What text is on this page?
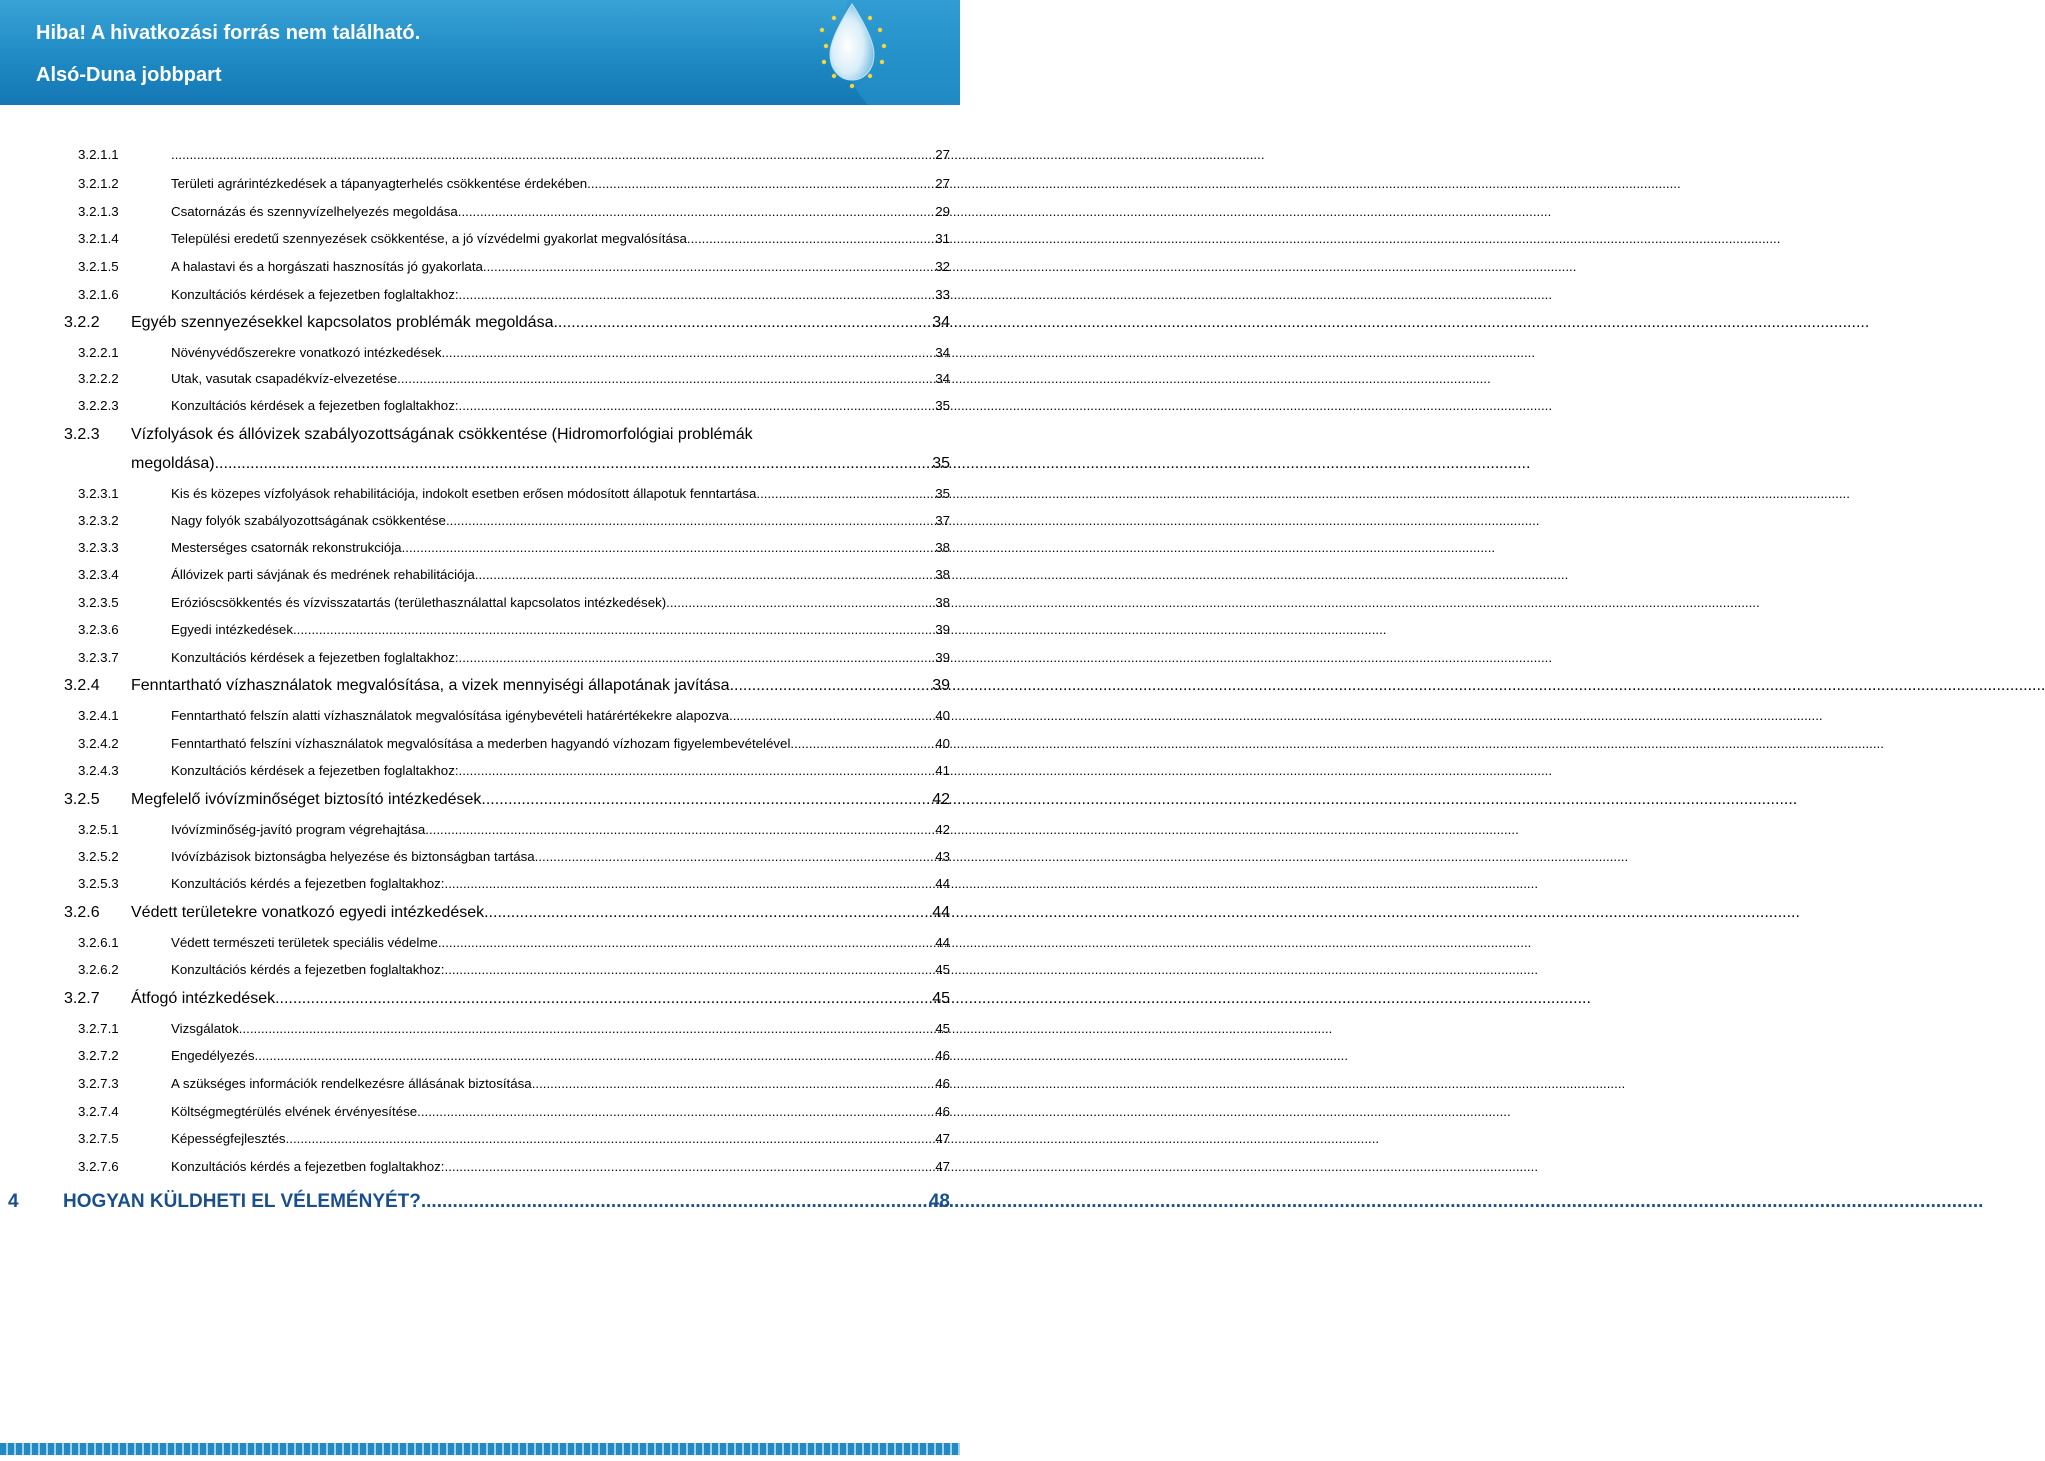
Hiba! A hivatkozási forrás nem található.
Alsó-Duna jobbpart
3.2.1.1 .....	27
3.2.1.2	Területi agrárintézkedések a tápanyagterhelés csökkentése érdekében .....	27
3.2.1.3	Csatornázás és szennyvízelhelyezés megoldása .....	29
3.2.1.4	Települési eredetű szennyezések csökkentése, a jó vízvédelmi gyakorlat megvalósítása .....	31
3.2.1.5	A halastavi és a horgászati hasznosítás jó gyakorlata .....	32
3.2.1.6	Konzultációs kérdések a fejezetben foglaltakhoz: .....	33
3.2.2	Egyéb szennyezésekkel kapcsolatos problémák megoldása .....	34
3.2.2.1	Növényvédőszerekre vonatkozó intézkedések .....	34
3.2.2.2	Utak, vasutak csapadékvíz-elvezetése .....	34
3.2.2.3	Konzultációs kérdések a fejezetben foglaltakhoz: .....	35
3.2.3 Vízfolyások és állóvizek szabályozottságának csökkentése (Hidromorfológiai problémák
megoldása) .....	35
3.2.3.1	Kis és közepes vízfolyások rehabilitációja, indokolt esetben erősen módosított állapotuk fenntartása .....	35
3.2.3.2	Nagy folyók szabályozottságának csökkentése .....	37
3.2.3.3	Mesterséges csatornák rekonstrukciója .....	38
3.2.3.4	Állóvizek parti sávjának és medrének rehabilitációja .....	38
3.2.3.5	Erózióscsökkentés és vízvisszatartás (területhasználattal kapcsolatos intézkedések) .....	38
3.2.3.6	Egyedi intézkedések .....	39
3.2.3.7	Konzultációs kérdések a fejezetben foglaltakhoz: .....	39
3.2.4	Fenntartható vízhasználatok megvalósítása, a vizek mennyiségi állapotának javítása .....	39
3.2.4.1	Fenntartható felszín alatti vízhasználatok megvalósítása igénybevételi határértékekre alapozva .....	40
3.2.4.2	Fenntartható felszíni vízhasználatok megvalósítása a mederben hagyandó vízhozam figyelembevételével .....	40
3.2.4.3	Konzultációs kérdések a fejezetben foglaltakhoz: .....	41
3.2.5	Megfelelő ivóvízminőséget biztosító intézkedések .....	42
3.2.5.1	Ivóvízminőség-javító program végrehajtása .....	42
3.2.5.2	Ivóvízbázisok biztonságba helyezése és biztonságban tartása .....	43
3.2.5.3	Konzultációs kérdés a fejezetben foglaltakhoz: .....	44
3.2.6	Védett területekre vonatkozó egyedi intézkedések .....	44
3.2.6.1	Védett természeti területek speciális védelme .....	44
3.2.6.2	Konzultációs kérdés a fejezetben foglaltakhoz: .....	45
3.2.7	Átfogó intézkedések .....	45
3.2.7.1	Vizsgálatok .....	45
3.2.7.2	Engedélyezés .....	46
3.2.7.3	A szükséges információk rendelkezésre állásának biztosítása .....	46
3.2.7.4	Költségmegtérülés elvének érvényesítése .....	46
3.2.7.5	Képességfejlesztés .....	47
3.2.7.6	Konzultációs kérdés a fejezetben foglaltakhoz: .....	47
4	HOGYAN KÜLDHETI EL VÉLEMÉNYÉT? .....	48
